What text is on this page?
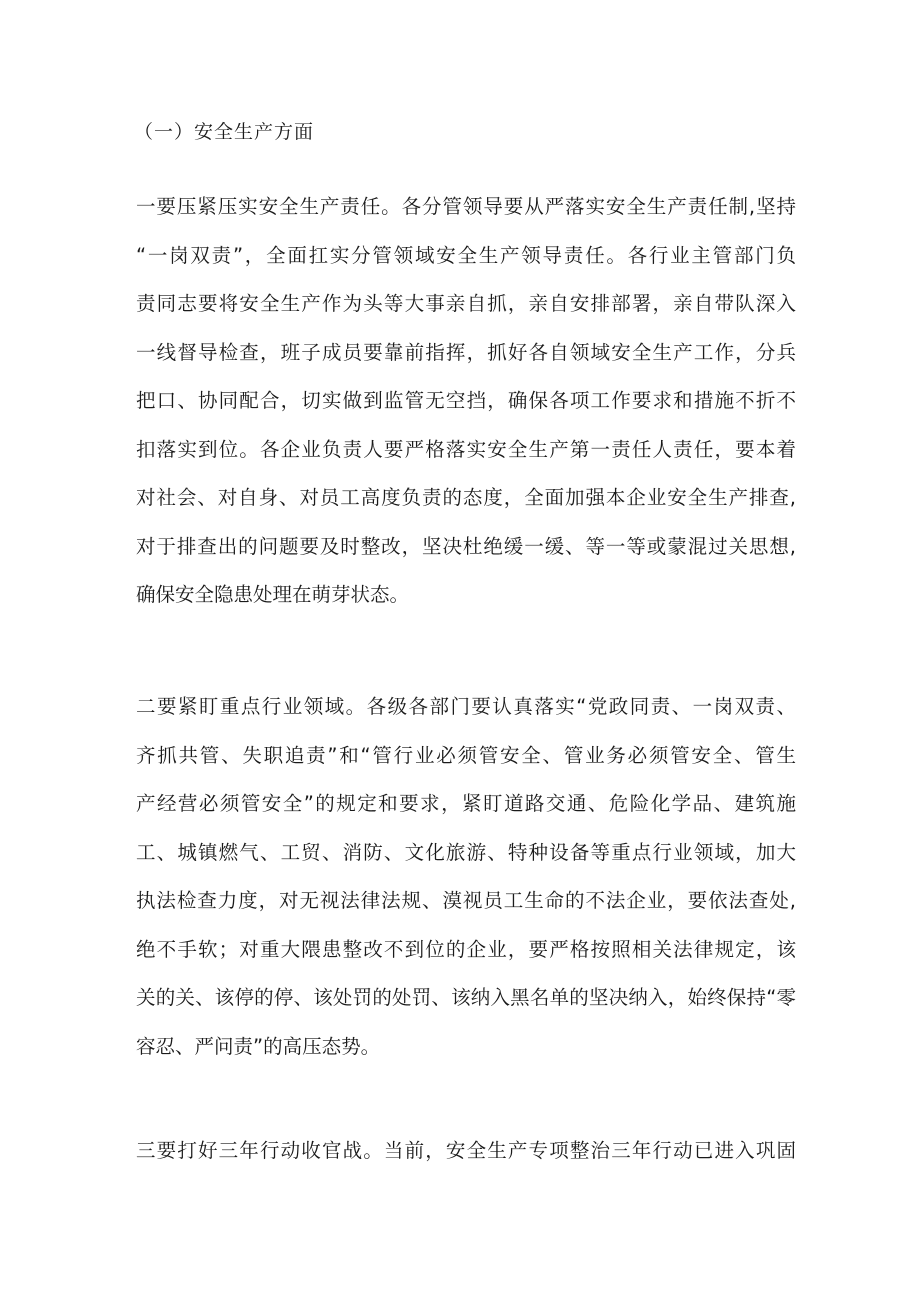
（一）安全生产方面

一要压紧压实安全生产责任。各分管领导要从严落实安全生产责任制,坚持
“一岗双责”，全面扛实分管领域安全生产领导责任。各行业主管部门负
责同志要将安全生产作为头等大事亲自抓，亲自安排部署，亲自带队深入
一线督导检查，班子成员要靠前指挥，抓好各自领域安全生产工作，分兵
把口、协同配合，切实做到监管无空挡，确保各项工作要求和措施不折不
扣落实到位。各企业负责人要严格落实安全生产第一责任人责任，要本着
对社会、对自身、对员工高度负责的态度，全面加强本企业安全生产排查,
对于排查出的问题要及时整改，坚决杜绝缓一缓、等一等或蒙混过关思想,
确保安全隐患处理在萌芽状态。

二要紧盯重点行业领域。各级各部门要认真落实“党政同责、一岗双责、
齐抓共管、失职追责”和“管行业必须管安全、管业务必须管安全、管生
产经营必须管安全”的规定和要求，紧盯道路交通、危险化学品、建筑施
工、城镇燃气、工贸、消防、文化旅游、特种设备等重点行业领域，加大
执法检查力度，对无视法律法规、漠视员工生命的不法企业，要依法查处,
绝不手软；对重大隈患整改不到位的企业，要严格按照相关法律规定，该
关的关、该停的停、该处罚的处罚、该纳入黑名单的坚决纳入，始终保持“零
容忍、严问责”的高压态势。

三要打好三年行动收官战。当前，安全生产专项整治三年行动已进入巩固
